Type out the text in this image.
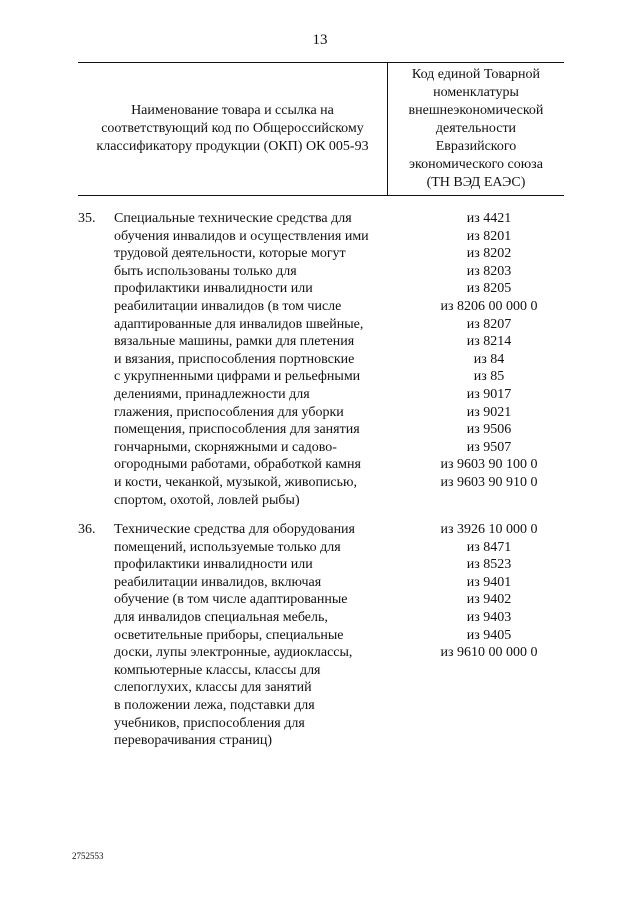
13
Наименование товара и ссылка на
соответствующий код по Общероссийскому
классификатору продукции (ОКП) ОК 005-93
Код единой Товарной
номенклатуры
внешнеэкономической
деятельности
Евразийского
экономического союза
(ТН ВЭД ЕАЭС)
35. Специальные технические средства для
обучения инвалидов и осуществления ими
трудовой деятельности, которые могут
быть использованы только для
профилактики инвалидности или
реабилитации инвалидов (в том числе
адаптированные для инвалидов швейные,
вязальные машины, рамки для плетения
и вязания, приспособления портновские
с укрупненными цифрами и рельефными
делениями, принадлежности для
глажения, приспособления для уборки
помещения, приспособления для занятия
гончарными, скорняжными и садово-
огородными работами, обработкой камня
и кости, чеканкой, музыкой, живописью,
спортом, охотой, ловлей рыбы)
из 4421
из 8201
из 8202
из 8203
из 8205
из 8206 00 000 0
из 8207
из 8214
из 84
из 85
из 9017
из 9021
из 9506
из 9507
из 9603 90 100 0
из 9603 90 910 0
36. Технические средства для оборудования
помещений, используемые только для
профилактики инвалидности или
реабилитации инвалидов, включая
обучение (в том числе адаптированные
для инвалидов специальная мебель,
осветительные приборы, специальные
доски, лупы электронные, аудиоклассы,
компьютерные классы, классы для
слепоглухих, классы для занятий
в положении лежа, подставки для
учебников, приспособления для
переворачивания страниц)
из 3926 10 000 0
из 8471
из 8523
из 9401
из 9402
из 9403
из 9405
из 9610 00 000 0
2752553
